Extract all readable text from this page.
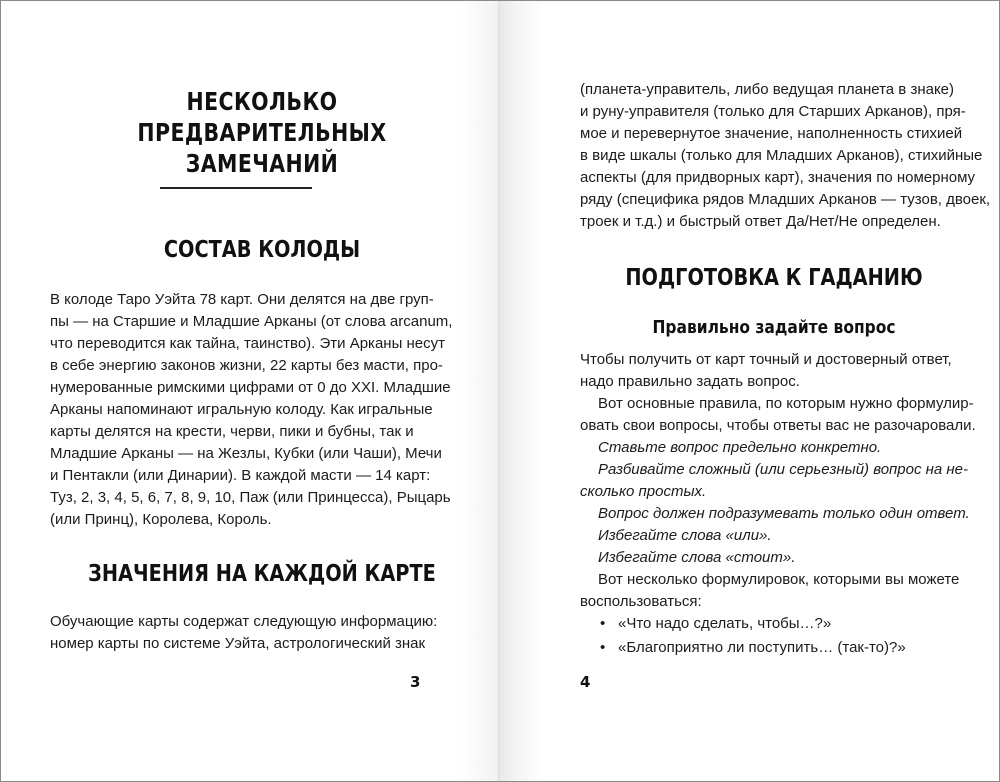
НЕСКОЛЬКО
ПРЕДВАРИТЕЛЬНЫХ
ЗАМЕЧАНИЙ
СОСТАВ КОЛОДЫ
В колоде Таро Уэйта 78 карт. Они делятся на две груп-
пы — на Старшие и Младшие Арканы (от слова arcanum,
что переводится как тайна, таинство). Эти Арканы несут
в себе энергию законов жизни, 22 карты без масти, про-
нумерованные римскими цифрами от 0 до XXI. Младшие
Арканы напоминают игральную колоду. Как игральные
карты делятся на крести, черви, пики и бубны, так и
Младшие Арканы — на Жезлы, Кубки (или Чаши), Мечи
и Пентакли (или Динарии). В каждой масти — 14 карт:
Туз, 2, 3, 4, 5, 6, 7, 8, 9, 10, Паж (или Принцесса), Рыцарь
(или Принц), Королева, Король.
ЗНАЧЕНИЯ НА КАЖДОЙ КАРТЕ
Обучающие карты содержат следующую информацию:
номер карты по системе Уэйта, астрологический знак
3
(планета-управитель, либо ведущая планета в знаке)
и руну-управителя (только для Старших Арканов), пря-
мое и перевернутое значение, наполненность стихией
в виде шкалы (только для Младших Арканов), стихийные
аспекты (для придворных карт), значения по номерному
ряду (специфика рядов Младших Арканов — тузов, двоек,
троек и т.д.) и быстрый ответ Да/Нет/Не определен.
ПОДГОТОВКА К ГАДАНИЮ
Правильно задайте вопрос
Чтобы получить от карт точный и достоверный ответ,
надо правильно задать вопрос.
Вот основные правила, по которым нужно формулир-
овать свои вопросы, чтобы ответы вас не разочаровали.
Ставьте вопрос предельно конкретно.
Разбивайте сложный (или серьезный) вопрос на не-
сколько простых.
Вопрос должен подразумевать только один ответ.
Избегайте слова «или».
Избегайте слова «стоит».
Вот несколько формулировок, которыми вы можете
воспользоваться:
• «Что надо сделать, чтобы…?»
• «Благоприятно ли поступить… (так-то)?»
4
